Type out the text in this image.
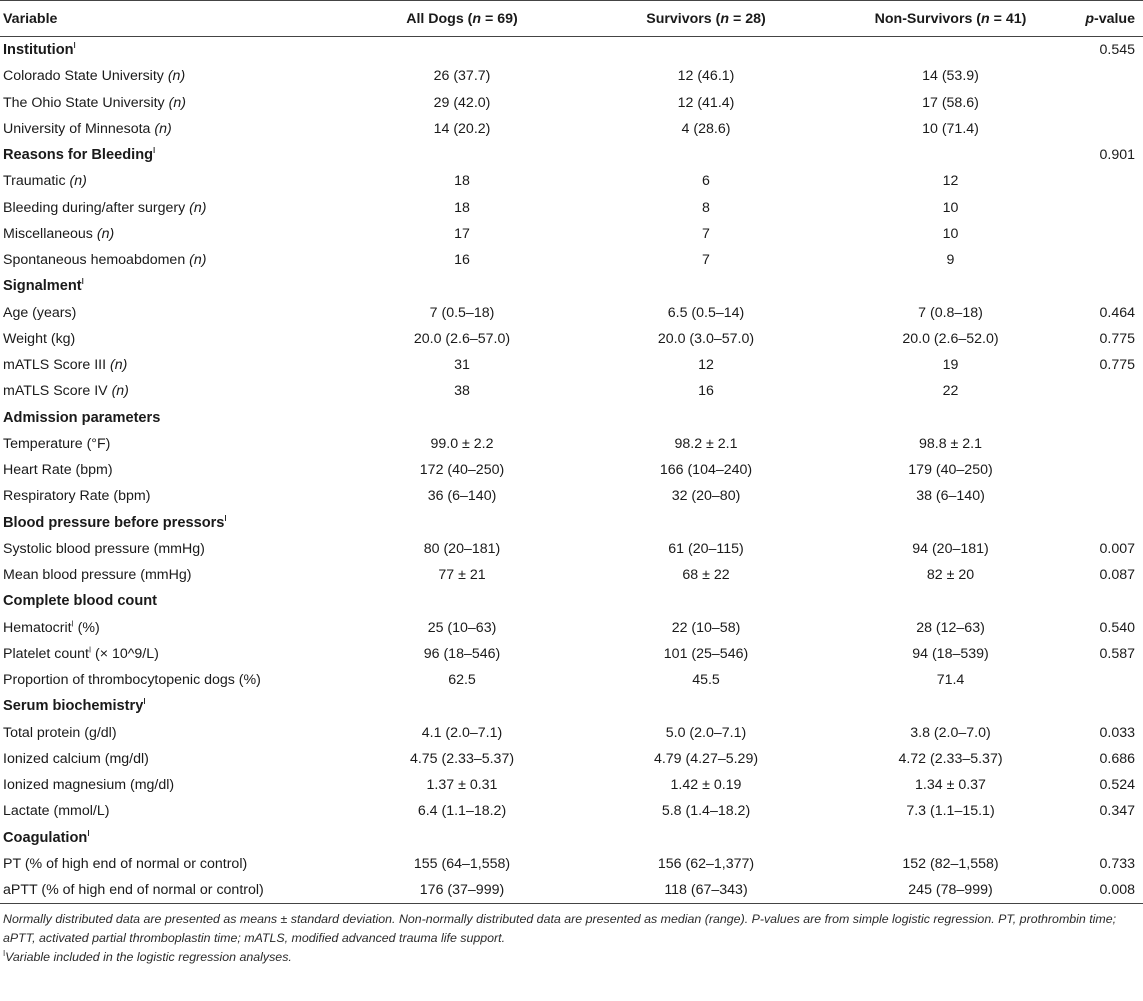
Variable	All Dogs (n = 69)	Survivors (n = 28)	Non-Survivors (n = 41)	p-value
Institution$^ǀ$				0.545
Colorado State University (n)	26 (37.7)	12 (46.1)	14 (53.9)	
The Ohio State University (n)	29 (42.0)	12 (41.4)	17 (58.6)	
University of Minnesota (n)	14 (20.2)	4 (28.6)	10 (71.4)	
Reasons for Bleeding$^ǀ$				0.901
Traumatic (n)	18	6	12	
Bleeding during/after surgery (n)	18	8	10	
Miscellaneous (n)	17	7	10	
Spontaneous hemoabdomen (n)	16	7	9	
Signalment$^ǀ$				
Age (years)	7 (0.5–18)	6.5 (0.5–14)	7 (0.8–18)	0.464
Weight (kg)	20.0 (2.6–57.0)	20.0 (3.0–57.0)	20.0 (2.6–52.0)	0.775
mATLS Score III (n)	31	12	19	0.775
mATLS Score IV (n)	38	16	22	
Admission parameters				
Temperature (°F)	99.0 ± 2.2	98.2 ± 2.1	98.8 ± 2.1	
Heart Rate (bpm)	172 (40–250)	166 (104–240)	179 (40–250)	
Respiratory Rate (bpm)	36 (6–140)	32 (20–80)	38 (6–140)	
Blood pressure before pressors$^ǀ$				
Systolic blood pressure (mmHg)	80 (20–181)	61 (20–115)	94 (20–181)	0.007
Mean blood pressure (mmHg)	77 ± 21	68 ± 22	82 ± 20	0.087
Complete blood count				
Hematocrit$^ǀ$ (%)	25 (10–63)	22 (10–58)	28 (12–63)	0.540
Platelet count$^ǀ$ (× 10^9/L)	96 (18–546)	101 (25–546)	94 (18–539)	0.587
Proportion of thrombocytopenic dogs (%)	62.5	45.5	71.4	
Serum biochemistry$^ǀ$				
Total protein (g/dl)	4.1 (2.0–7.1)	5.0 (2.0–7.1)	3.8 (2.0–7.0)	0.033
Ionized calcium (mg/dl)	4.75 (2.33–5.37)	4.79 (4.27–5.29)	4.72 (2.33–5.37)	0.686
Ionized magnesium (mg/dl)	1.37 ± 0.31	1.42 ± 0.19	1.34 ± 0.37	0.524
Lactate (mmol/L)	6.4 (1.1–18.2)	5.8 (1.4–18.2)	7.3 (1.1–15.1)	0.347
Coagulation$^ǀ$				
PT (% of high end of normal or control)	155 (64–1,558)	156 (62–1,377)	152 (82–1,558)	0.733
aPTT (% of high end of normal or control)	176 (37–999)	118 (67–343)	245 (78–999)	0.008
Normally distributed data are presented as means ± standard deviation. Non-normally distributed data are presented as median (range). P-values are from simple logistic regression. PT, prothrombin time; aPTT, activated partial thromboplastin time; mATLS, modified advanced trauma life support.
$^ǀ$Variable included in the logistic regression analyses.
